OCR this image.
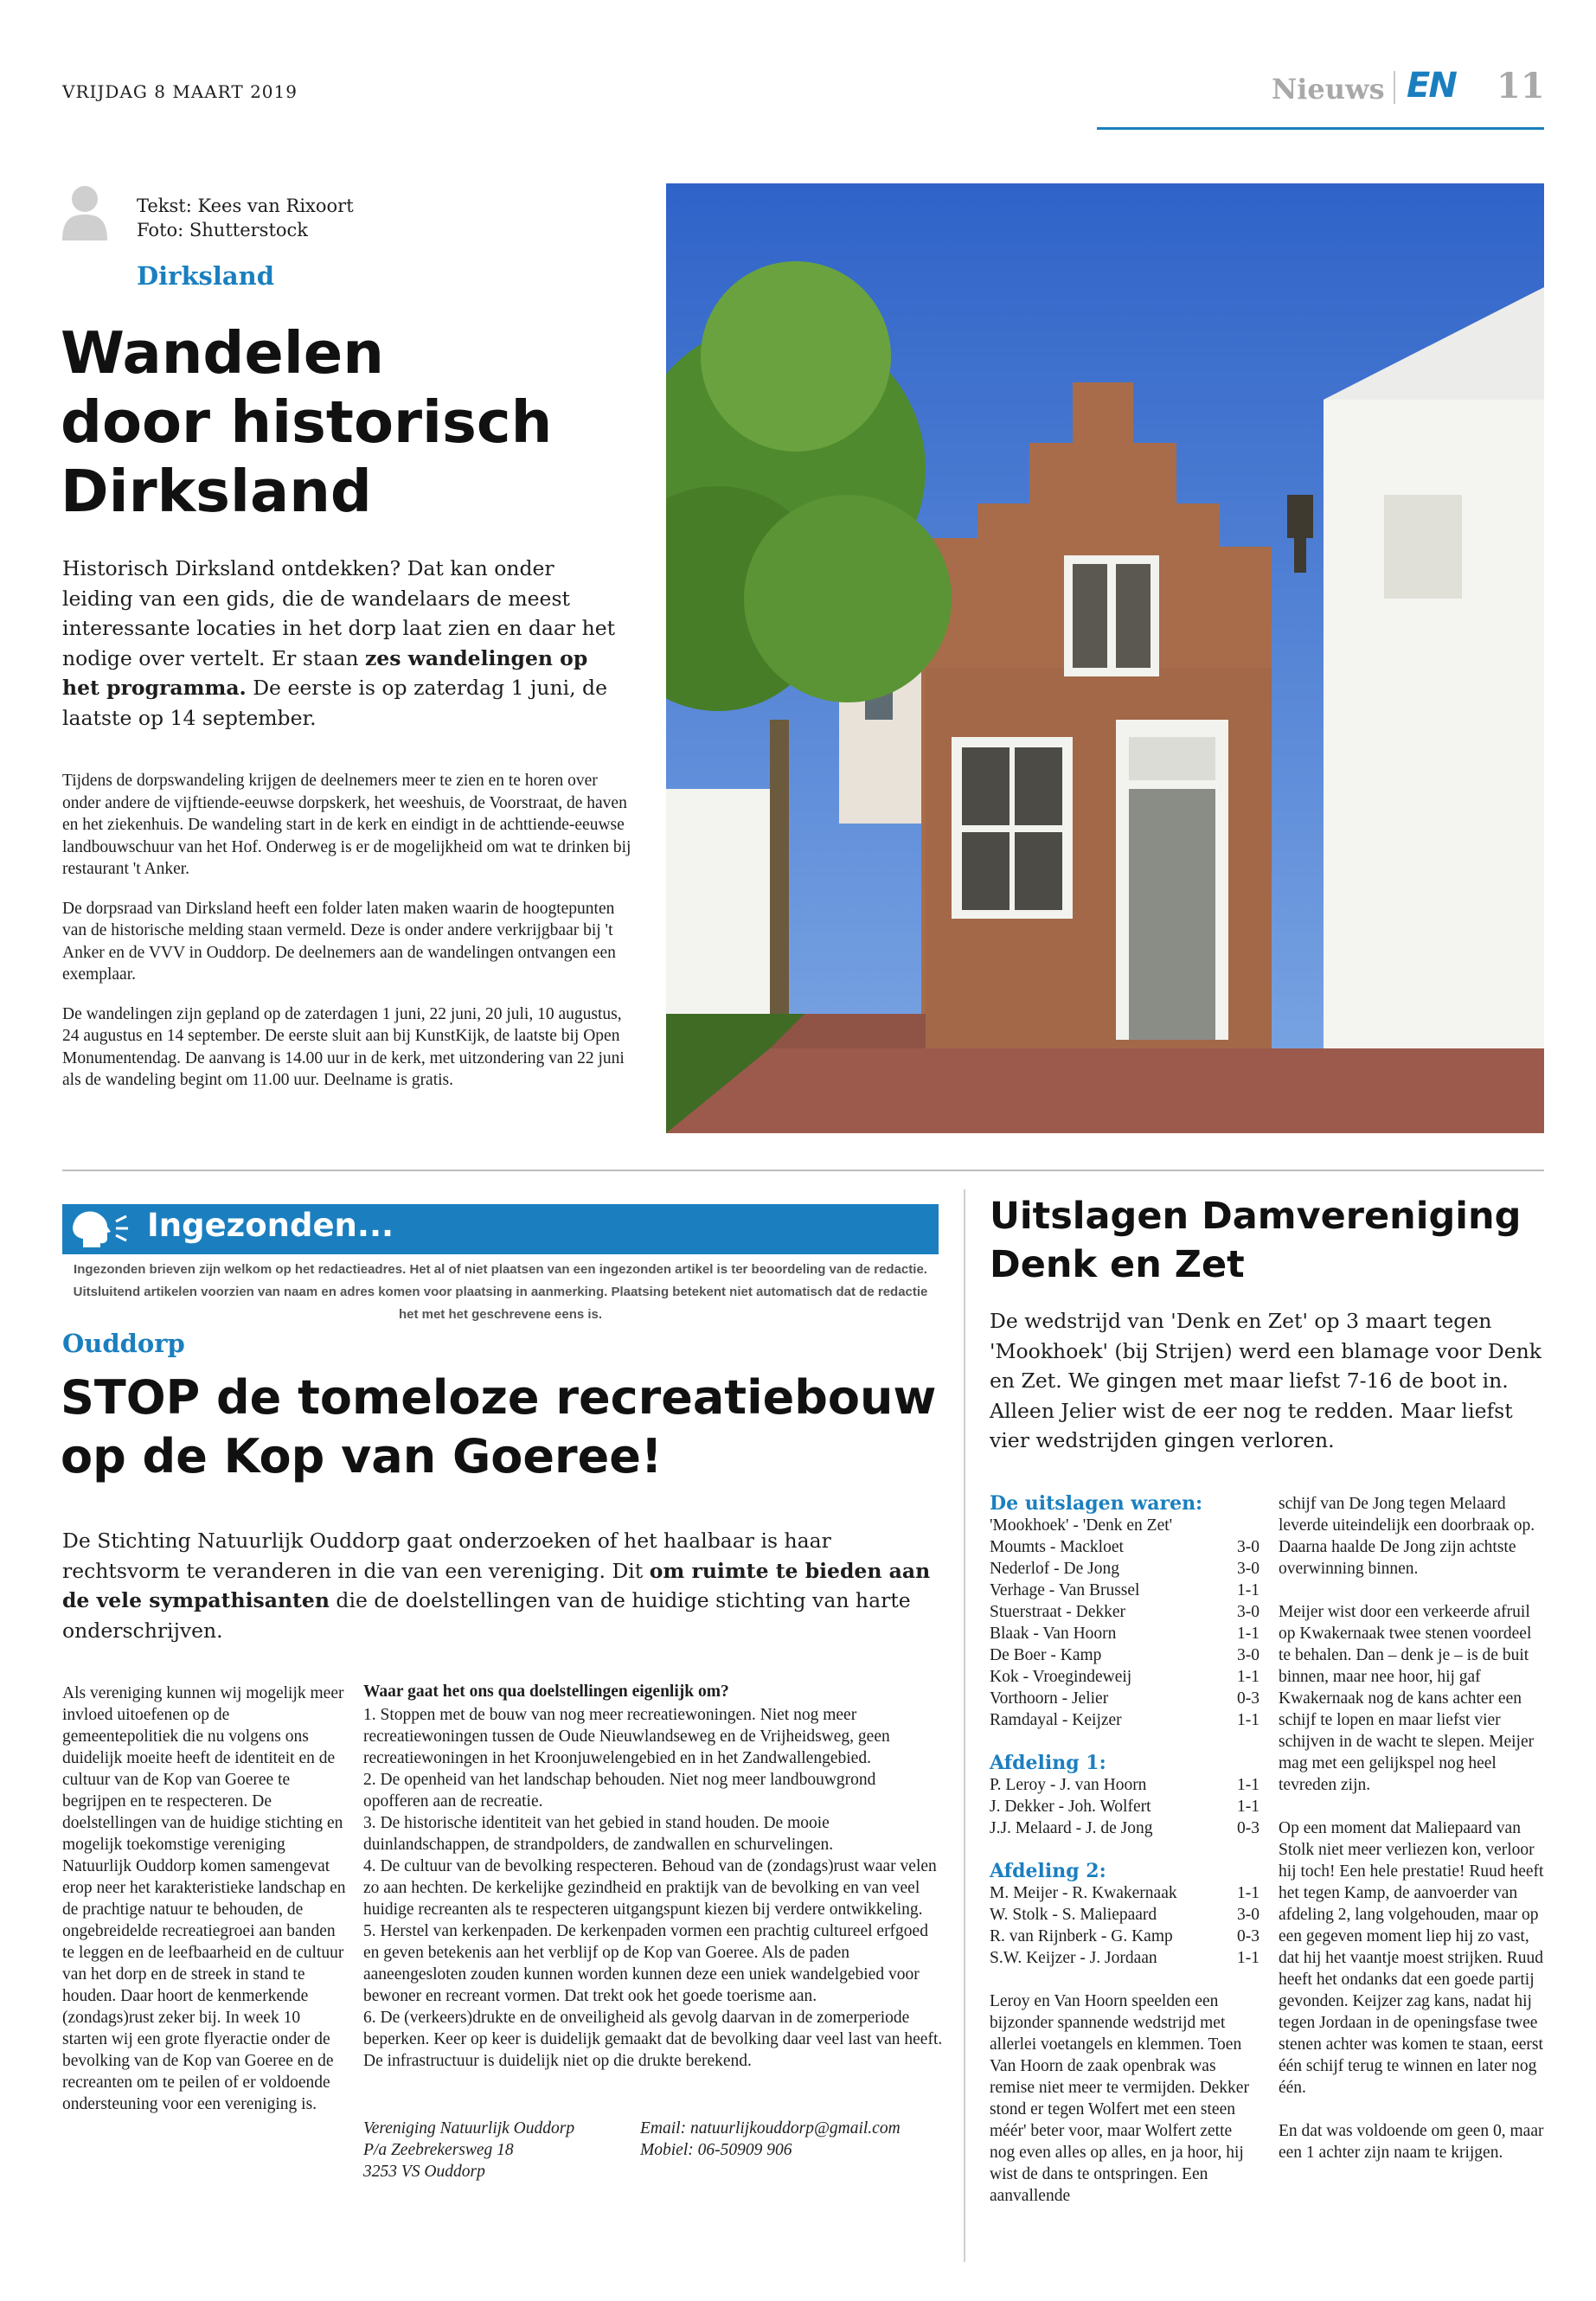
VRIJDAG 8 MAART 2019	Nieuws EN 11
Tekst: Kees van Rixoort
Foto: Shutterstock
Dirksland
Wandelen
door historisch
Dirksland
Historisch Dirksland ontdekken? Dat kan onder leiding van een gids, die de wandelaars de meest interessante locaties in het dorp laat zien en daar het nodige over vertelt. Er staan zes wandelingen op het programma. De eerste is op zaterdag 1 juni, de laatste op 14 september.

Tijdens de dorpswandeling krijgen de deelnemers meer te zien en te horen over onder andere de vijftiende-eeuwse dorpskerk, het weeshuis, de Voorstraat, de haven en het ziekenhuis. De wandeling start in de kerk en eindigt in de achttiende-eeuwse landbouwschuur van het Hof. Onderweg is er de mogelijkheid om wat te drinken bij restaurant 't Anker.

De dorpsraad van Dirksland heeft een folder laten maken waarin de hoogtepunten van de historische melding staan vermeld. Deze is onder andere verkrijgbaar bij 't Anker en de VVV in Ouddorp. De deelnemers aan de wandelingen ontvangen een exemplaar.

De wandelingen zijn gepland op de zaterdagen 1 juni, 22 juni, 20 juli, 10 augustus, 24 augustus en 14 september. De eerste sluit aan bij KunstKijk, de laatste bij Open Monumentendag. De aanvang is 14.00 uur in de kerk, met uitzondering van 22 juni als de wandeling begint om 11.00 uur. Deelname is gratis.

Ingezonden...
Ingezonden brieven zijn welkom op het redactieadres. Het al of niet plaatsen van een ingezonden artikel is ter beoordeling van de redactie.
Uitsluitend artikelen voorzien van naam en adres komen voor plaatsing in aanmerking. Plaatsing betekent niet automatisch dat de redactie
het met het geschrevene eens is.
Ouddorp
STOP de tomeloze recreatiebouw
op de Kop van Goeree!
De Stichting Natuurlijk Ouddorp gaat onderzoeken of het haalbaar is haar rechtsvorm te veranderen in die van een vereniging. Dit om ruimte te bieden aan de vele sympathisanten die de doelstellingen van de huidige stichting van harte onderschrijven.
Als vereniging kunnen wij mogelijk meer invloed uitoefenen op de gemeentepolitiek die nu volgens ons duidelijk moeite heeft de identiteit en de cultuur van de Kop van Goeree te begrijpen en te respecteren. De doelstellingen van de huidige stichting en mogelijk toekomstige vereniging Natuurlijk Ouddorp komen samengevat erop neer het karakteristieke landschap en de prachtige natuur te behouden, de ongebreidelde recreatiegroei aan banden te leggen en de leefbaarheid en de cultuur van het dorp en de streek in stand te houden. Daar hoort de kenmerkende (zondags)rust zeker bij. In week 10 starten wij een grote flyeractie onder de bevolking van de Kop van Goeree en de recreanten om te peilen of er voldoende ondersteuning voor een vereniging is.
Waar gaat het ons qua doelstellingen eigenlijk om?

1. Stoppen met de bouw van nog meer recreatiewoningen. Niet nog meer recreatiewoningen tussen de Oude Nieuwlandseweg en de Vrijheidsweg, geen recreatiewoningen in het Kroonjuwelengebied en in het Zandwallengebied.

2. De openheid van het landschap behouden. Niet nog meer landbouwgrond opofferen aan de recreatie.

3. De historische identiteit van het gebied in stand houden. De mooie duinlandschappen, de strandpolders, de zandwallen en schurvelingen.

4. De cultuur van de bevolking respecteren. Behoud van de (zondags)rust waar velen zo aan hechten. De kerkelijke gezindheid en praktijk van de bevolking en van veel huidige recreanten als te respecteren uitgangspunt kiezen bij verdere ontwikkeling.

5. Herstel van kerkenpaden. De kerkenpaden vormen een prachtig cultureel erfgoed en geven betekenis aan het verblijf op de Kop van Goeree. Als de paden aaneengesloten zouden kunnen worden kunnen deze een uniek wandelgebied voor bewoner en recreant vormen. Dat trekt ook het goede toerisme aan.

6. De (verkeers)drukte en de onveiligheid als gevolg daarvan in de zomerperiode beperken. Keer op keer is duidelijk gemaakt dat de bevolking daar veel last van heeft. De infrastructuur is duidelijk niet op die drukte berekend.

Vereniging Natuurlijk Ouddorp
P/a Zeebrekersweg 18
3253 VS Ouddorp
Email: natuurlijkouddorp@gmail.com
Mobiel: 06-50909 906
Uitslagen Damvereniging Denk en Zet
De wedstrijd van 'Denk en Zet' op 3 maart tegen 'Mookhoek' (bij Strijen) werd een blamage voor Denk en Zet. We gingen met maar liefst 7-16 de boot in. Alleen Jelier wist de eer nog te redden. Maar liefst vier wedstrijden gingen verloren.
De uitslagen waren:
'Mookhoek' - 'Denk en Zet'
Moumts - Mackloet	3-0
Nederlof - De Jong	3-0
Verhage - Van Brussel	1-1
Stuerstraat - Dekker	3-0
Blaak - Van Hoorn	1-1
De Boer - Kamp	3-0
Kok - Vroegindeweij	1-1
Vorthoorn - Jelier	0-3
Ramdayal - Keijzer	1-1
Afdeling 1:
P. Leroy - J. van Hoorn	1-1
J. Dekker - Joh. Wolfert	1-1
J.J. Melaard - J. de Jong	0-3
Afdeling 2:
M. Meijer - R. Kwakernaak	1-1
W. Stolk - S. Maliepaard	3-0
R. van Rijnberk - G. Kamp	0-3
S.W. Keijzer - J. Jordaan	1-1
Leroy en Van Hoorn speelden een bijzonder spannende wedstrijd met allerlei voetangels en klemmen. Toen Van Hoorn de zaak openbrak was remise niet meer te vermijden. Dekker stond er tegen Wolfert met een steen méér' beter voor, maar Wolfert zette nog even alles op alles, en ja hoor, hij wist de dans te ontspringen. Een aanvallende

schijf van De Jong tegen Melaard leverde uiteindelijk een doorbraak op. Daarna haalde De Jong zijn achtste overwinning binnen.

Meijer wist door een verkeerde afruil op Kwakernaak twee stenen voordeel te behalen. Dan – denk je – is de buit binnen, maar nee hoor, hij gaf Kwakernaak nog de kans achter een schijf te lopen en maar liefst vier schijven in de wacht te slepen. Meijer mag met een gelijkspel nog heel tevreden zijn.

Op een moment dat Maliepaard van Stolk niet meer verliezen kon, verloor hij toch! Een hele prestatie! Ruud heeft het tegen Kamp, de aanvoerder van afdeling 2, lang volgehouden, maar op een gegeven moment liep hij zo vast, dat hij het vaantje moest strijken. Ruud heeft het ondanks dat een goede partij gevonden. Keijzer zag kans, nadat hij tegen Jordaan in de openingsfase twee stenen achter was komen te staan, eerst één schijf terug te winnen en later nog één.

En dat was voldoende om geen 0, maar een 1 achter zijn naam te krijgen.
